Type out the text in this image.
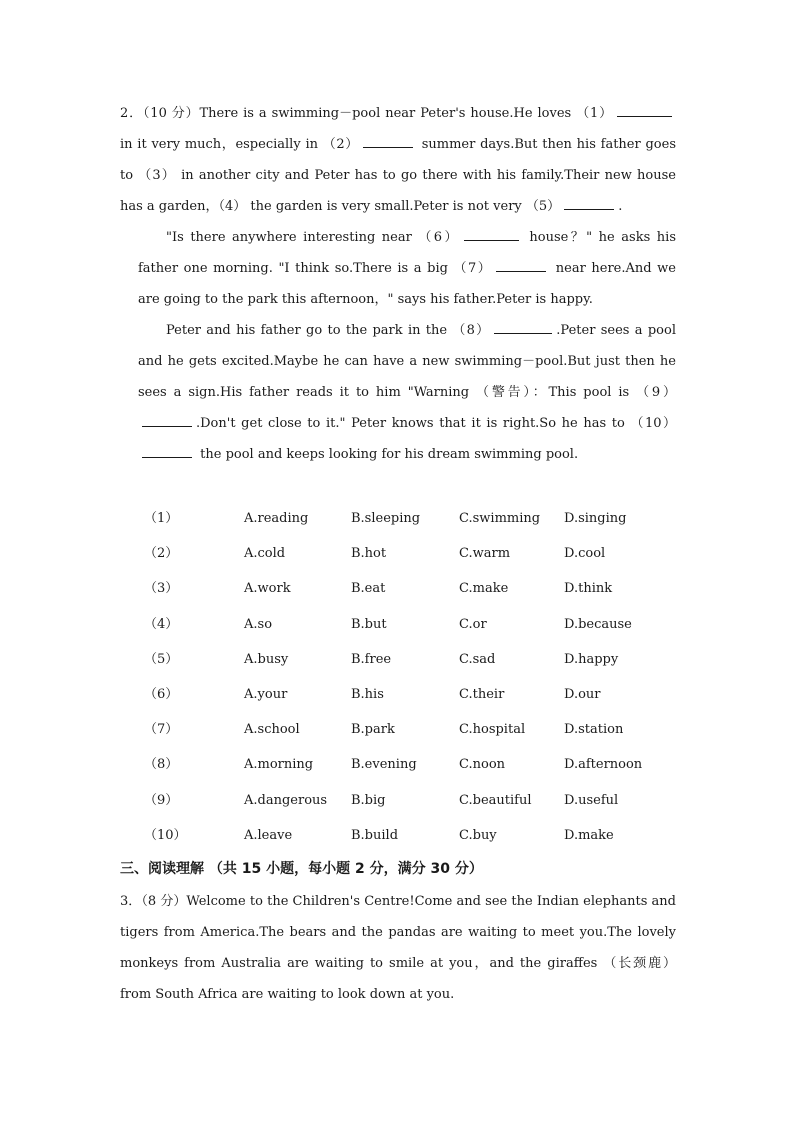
2．（10 分）There is a swimming－pool near Peter's house.He loves （1） in it very much，especially in （2）	summer days.But then his father goes to （3） in another city and Peter has to go there with his family.Their new house has a garden，（4） the garden is very small.Peter is not very （5）	.

"Is there anywhere interesting near （6）	house？" he asks his father one morning. "I think so.There is a big （7）	near here.And we are going to the park this afternoon，" says his father.Peter is happy.

Peter and his father go to the park in the （8）	.Peter sees a pool and he gets excited.Maybe he can have a new swimming－pool.But just then he sees a sign.His father reads it to him "Warning （警告）：This pool is （9）.Don't get close to it." Peter knows that it is right.So he has to （10） the pool and keeps looking for his dream swimming pool.

（1）	A.reading	B.sleeping	C.swimming D.singing
（2）	A.cold	B.hot	C.warm	D.cool
（3）	A.work	B.eat	C.make	D.think
（4）	A.so	B.but	C.or	D.because
（5）	A.busy	B.free	C.sad	D.happy
（6）	A.your	B.his	C.their	D.our
（7）	A.school	B.park	C.hospital	D.station
（8）	A.morning	B.evening	C.noon	D.afternoon
（9）	A.dangerous B.big	C.beautiful	D.useful
（10）	A.leave	B.build	C.buy	D.make
三、阅读理解 （共 15 小题，每小题 2 分，满分 30 分）

3．（8 分）Welcome to the Children's Centre!Come and see the Indian elephants and tigers from America.The bears and the pandas are waiting to meet you.The lovely monkeys from Australia are waiting to smile at you，and the giraffes （长颈鹿） from South Africa are waiting to look down at you.
